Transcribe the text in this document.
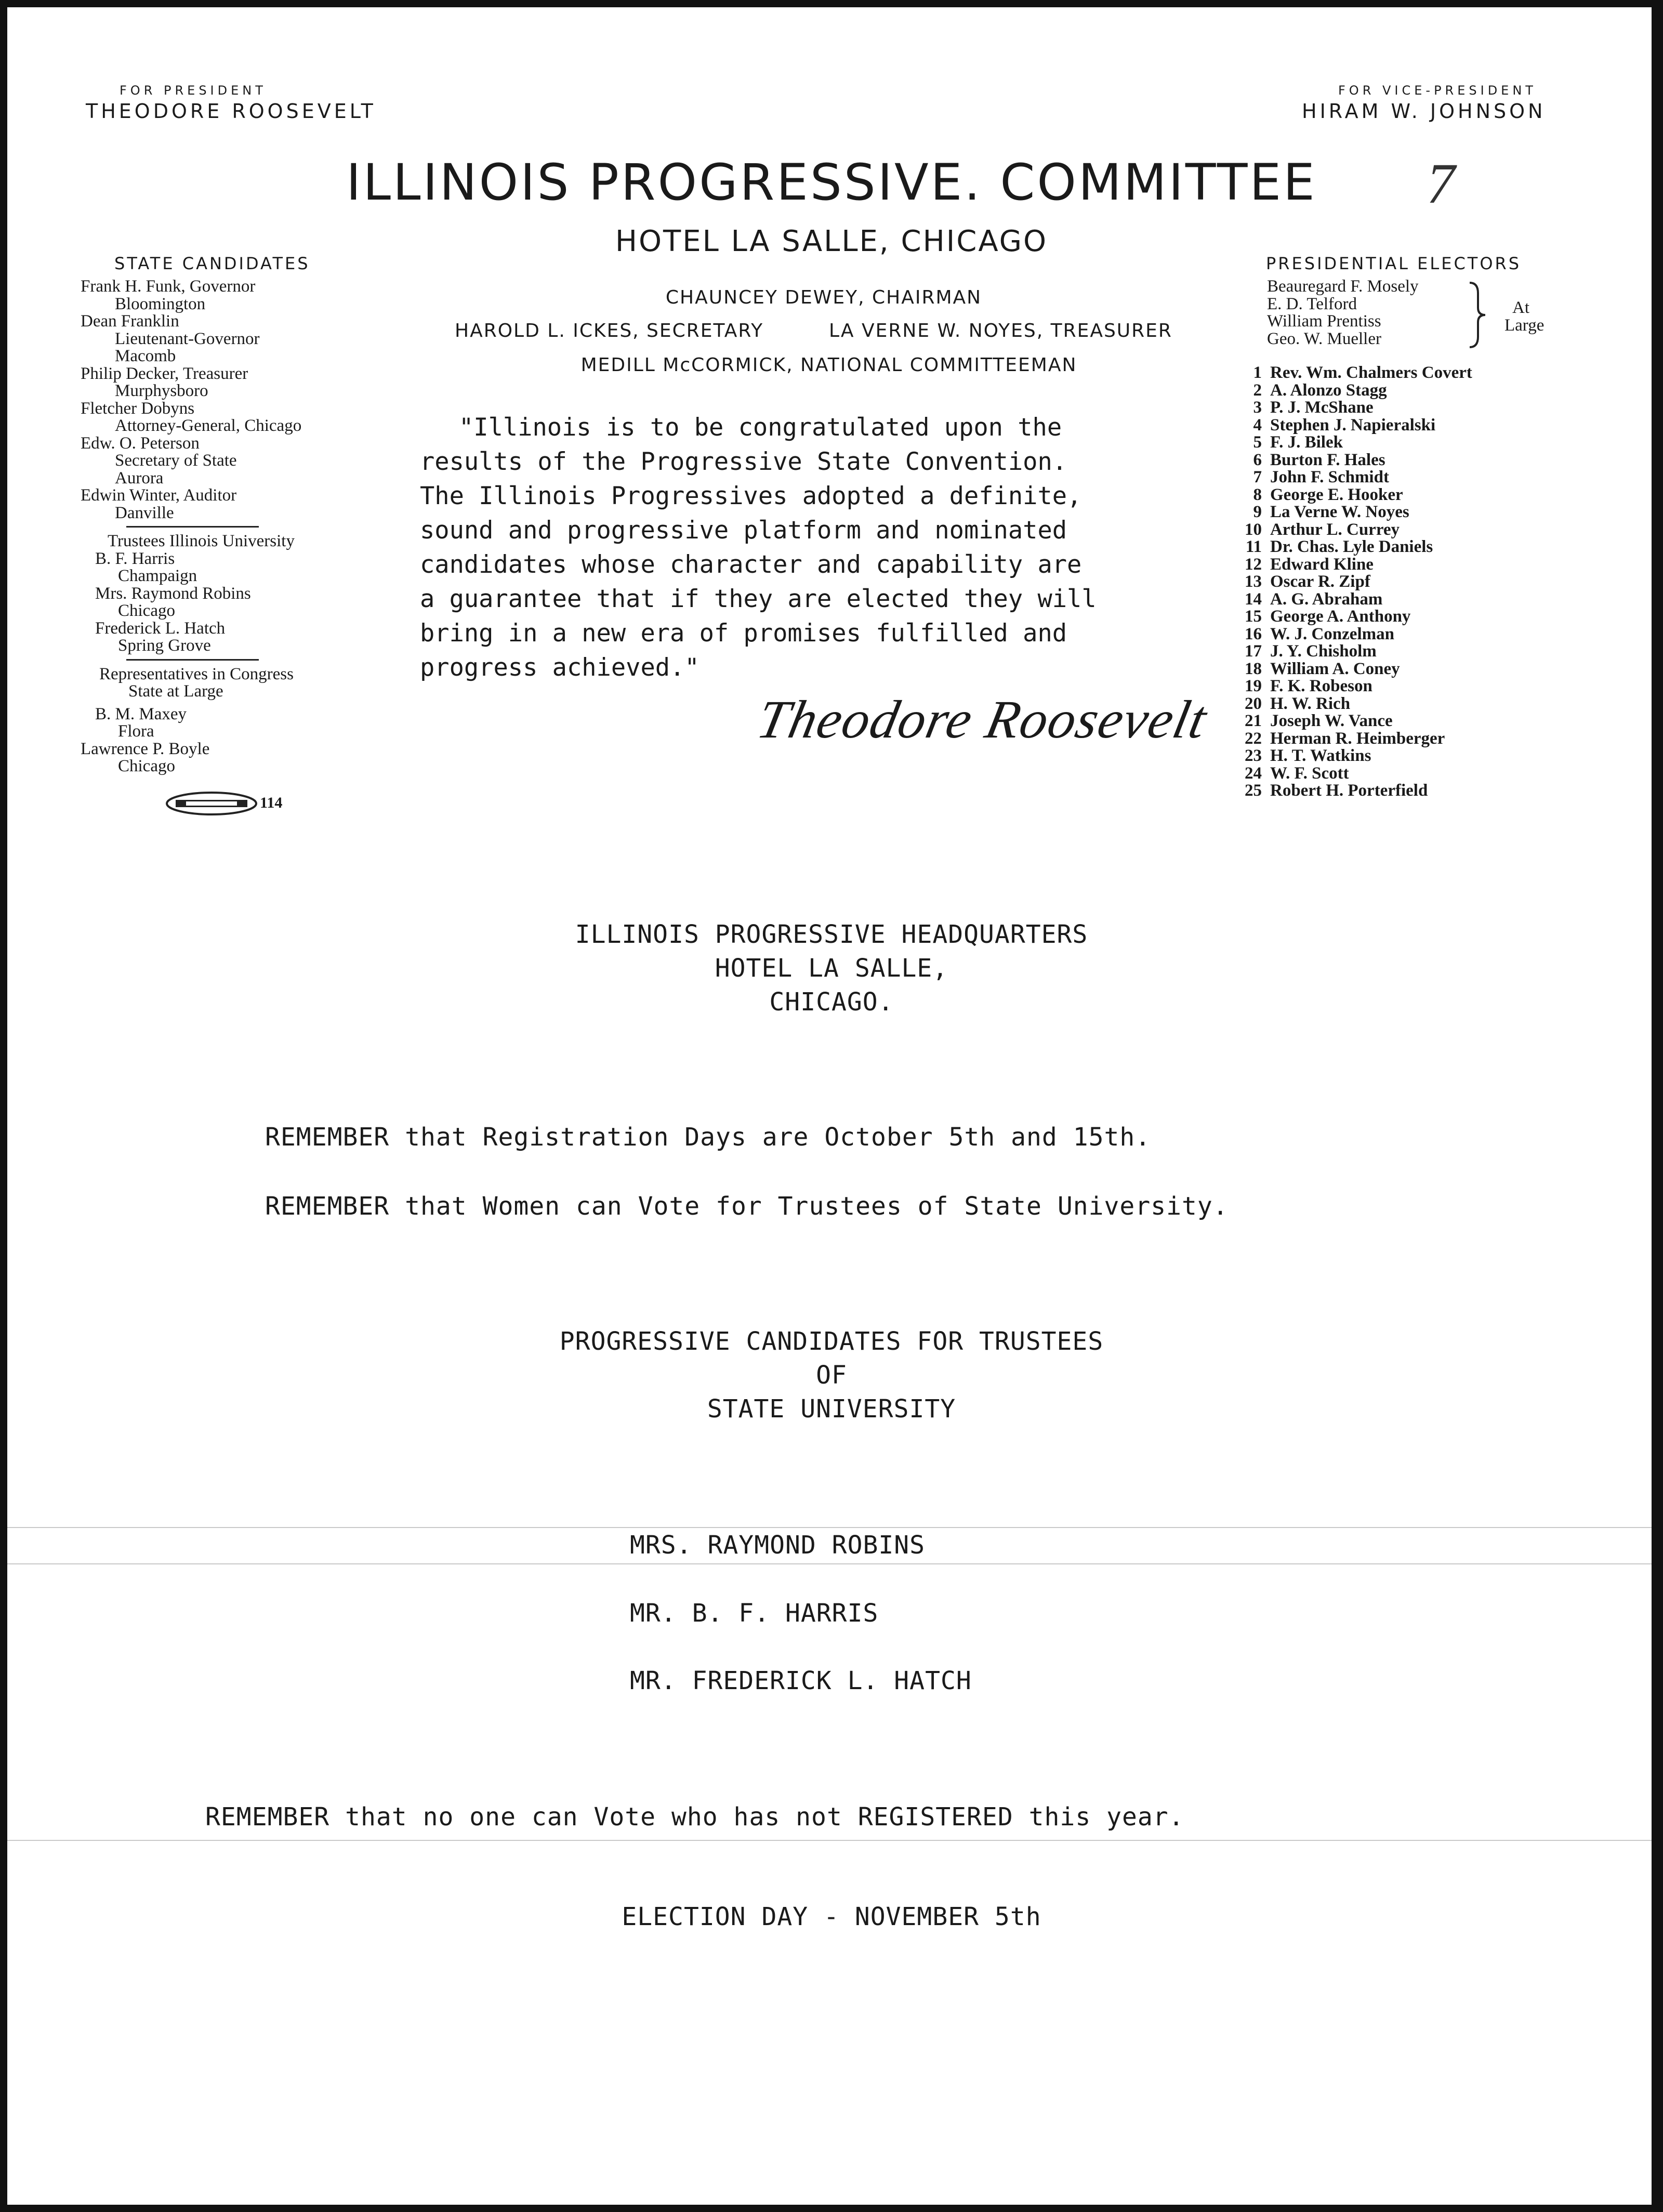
FOR PRESIDENT
THEODORE ROOSEVELT
FOR VICE-PRESIDENT
HIRAM W. JOHNSON
ILLINOIS PROGRESSIVE. COMMITTEE	7
HOTEL LA SALLE, CHICAGO
CHAUNCEY DEWEY, CHAIRMAN
HAROLD L. ICKES, SECRETARY	LA VERNE W. NOYES, TREASURER
MEDILL McCORMICK, NATIONAL COMMITTEEMAN
STATE CANDIDATES
Frank H. Funk, Governor
Bloomington
Dean Franklin
Lieutenant-Governor
Macomb
Philip Decker, Treasurer
Murphysboro
Fletcher Dobyns
Attorney-General, Chicago
Edw. O. Peterson
Secretary of State
Aurora
Edwin Winter, Auditor
Danville
Trustees Illinois University
B. F. Harris
Champaign
Mrs. Raymond Robins
Chicago
Frederick L. Hatch
Spring Grove
Representatives in Congress
State at Large
B. M. Maxey
Flora
Lawrence P. Boyle
Chicago
114
"Illinois is to be congratulated upon the
results of the Progressive State Convention.
The Illinois Progressives adopted a definite,
sound and progressive platform and nominated
candidates whose character and capability are
a guarantee that if they are elected they will
bring in a new era of promises fulfilled and
progress achieved."
Theodore Roosevelt
PRESIDENTIAL ELECTORS
Beauregard F. Mosely
E. D. Telford
William Prentiss
Geo. W. Mueller
At
Large
1 Rev. Wm. Chalmers Covert
2 A. Alonzo Stagg
3 P. J. McShane
4 Stephen J. Napieralski
5 F. J. Bilek
6 Burton F. Hales
7 John F. Schmidt
8 George E. Hooker
9 La Verne W. Noyes
10 Arthur L. Currey
11 Dr. Chas. Lyle Daniels
12 Edward Kline
13 Oscar R. Zipf
14 A. G. Abraham
15 George A. Anthony
16 W. J. Conzelman
17 J. Y. Chisholm
18 William A. Coney
19 F. K. Robeson
20 H. W. Rich
21 Joseph W. Vance
22 Herman R. Heimberger
23 H. T. Watkins
24 W. F. Scott
25 Robert H. Porterfield
ILLINOIS PROGRESSIVE HEADQUARTERS
HOTEL LA SALLE,
CHICAGO.
REMEMBER that Registration Days are October 5th and 15th.
REMEMBER that Women can Vote for Trustees of State University.
PROGRESSIVE CANDIDATES FOR TRUSTEES
OF
STATE UNIVERSITY
MRS. RAYMOND ROBINS
MR. B. F. HARRIS
MR. FREDERICK L. HATCH
REMEMBER that no one can Vote who has not REGISTERED this year.
ELECTION DAY - NOVEMBER 5th
